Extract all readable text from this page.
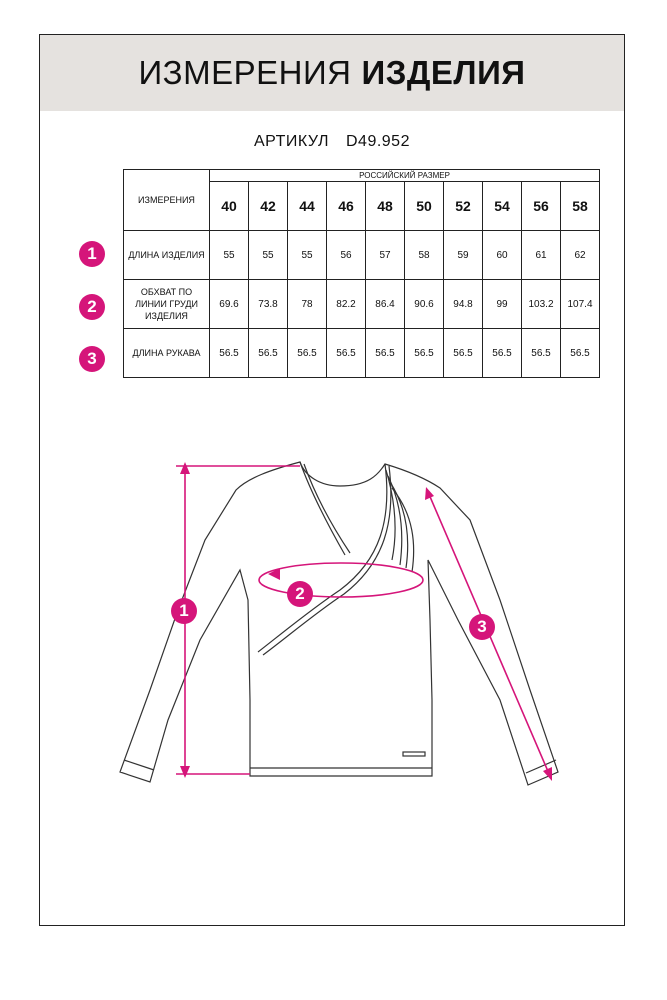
ИЗМЕРЕНИЯ ИЗДЕЛИЯ
АРТИКУЛ D49.952
ИЗМЕРЕНИЯ	РОССИЙСКИЙ РАЗМЕР									
	40	42	44	46	48	50	52	54	56	58
ДЛИНА ИЗДЕЛИЯ	55	55	55	56	57	58	59	60	61	62
ОБХВАТ ПО ЛИНИИ ГРУДИ ИЗДЕЛИЯ	69.6	73.8	78	82.2	86.4	90.6	94.8	99	103.2	107.4
ДЛИНА РУКАВА	56.5	56.5	56.5	56.5	56.5	56.5	56.5	56.5	56.5	56.5
1
2
3
1
2
3
